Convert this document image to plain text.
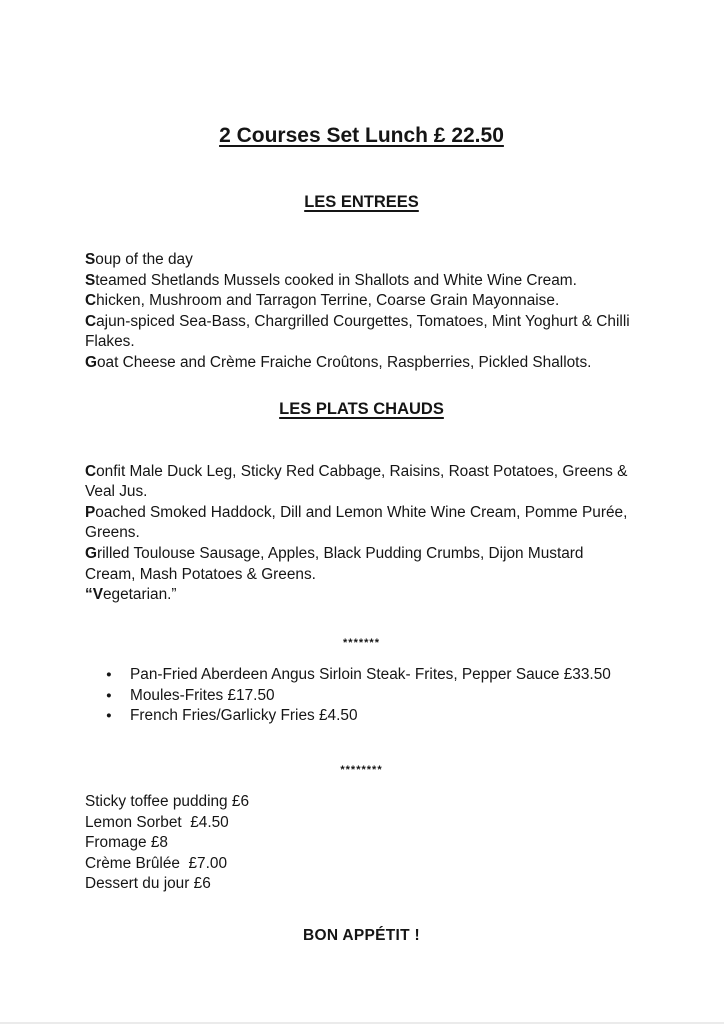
2 Courses Set Lunch £ 22.50
LES ENTREES

Soup of the day

Steamed Shetlands Mussels cooked in Shallots and White Wine Cream.

Chicken, Mushroom and Tarragon Terrine, Coarse Grain Mayonnaise.

Cajun-spiced Sea-Bass, Chargrilled Courgettes, Tomatoes, Mint Yoghurt & Chilli Flakes.

Goat Cheese and Crème Fraiche Croûtons, Raspberries, Pickled Shallots.

LES PLATS CHAUDS

Confit Male Duck Leg, Sticky Red Cabbage, Raisins, Roast Potatoes, Greens & Veal Jus.

Poached Smoked Haddock, Dill and Lemon White Wine Cream, Pomme Purée, Greens.

Grilled Toulouse Sausage, Apples, Black Pudding Crumbs, Dijon Mustard Cream, Mash Potatoes & Greens.

“Vegetarian.”

*******

● Pan-Fried Aberdeen Angus Sirloin Steak- Frites, Pepper Sauce £33.50
● Moules-Frites £17.50
● French Fries/Garlicky Fries £4.50

********

Sticky toffee pudding £6

Lemon Sorbet  £4.50

Fromage £8

Crème Brûlée  £7.00

Dessert du jour £6

BON APPÉTIT !
